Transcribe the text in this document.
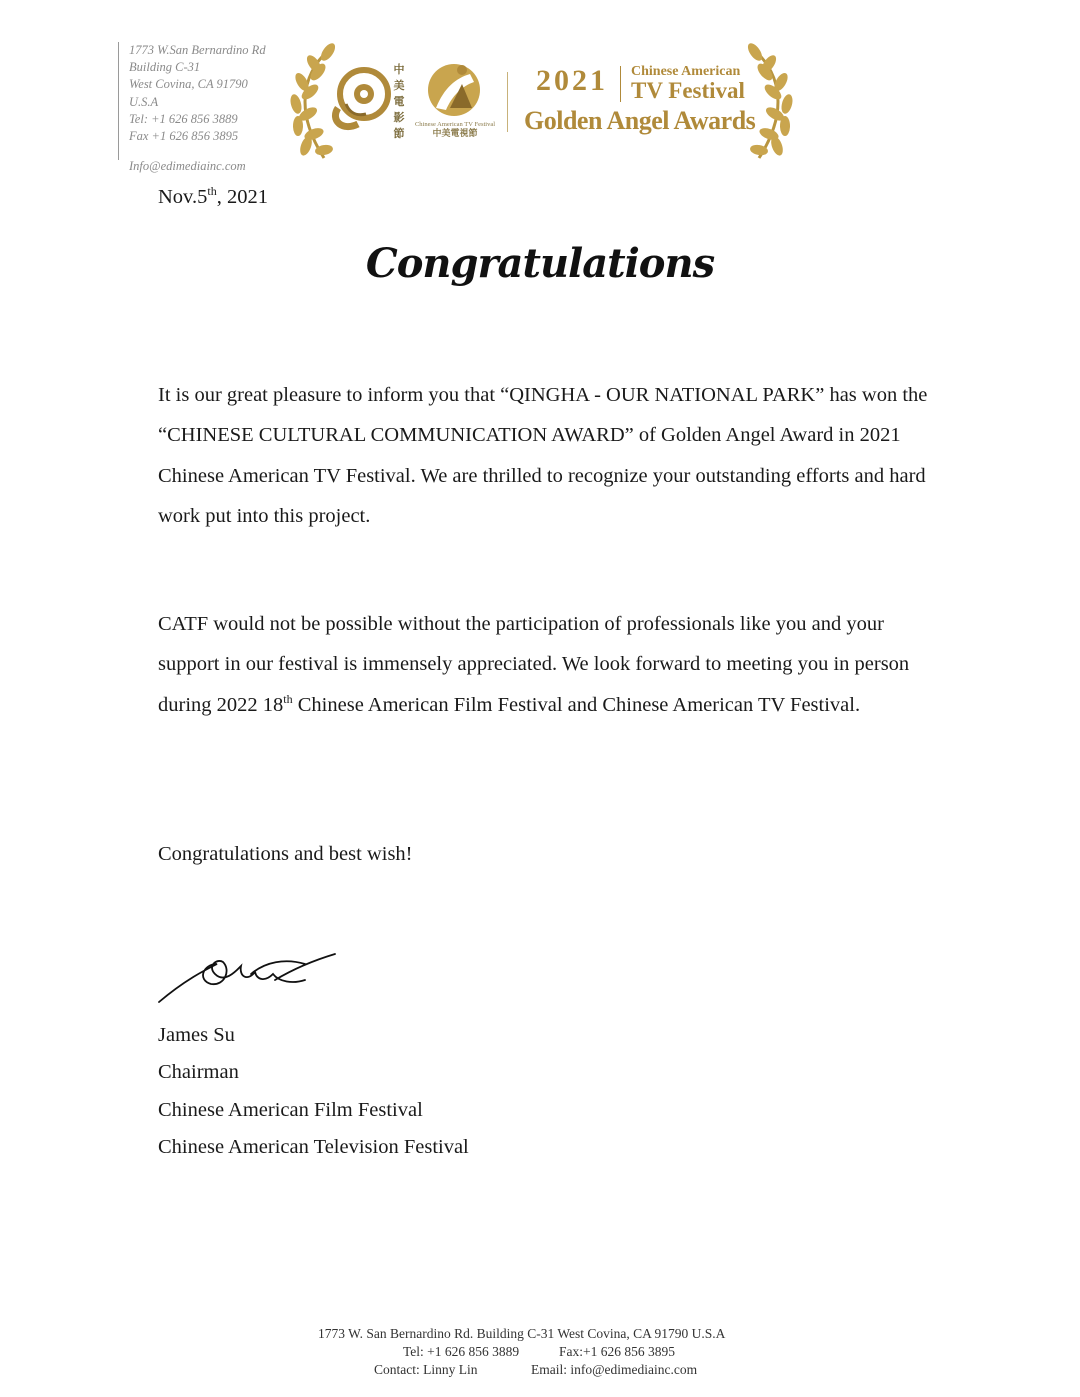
1773 W.San Bernardino Rd
Building C-31
West Covina, CA 91790 U.S.A
Tel: +1 626 856 3889
Fax +1 626 856 3895
Info@edimediainc.com
中
美
電
影
節
Chinese American TV Festival
中美電視節
2021 Chinese American
TV Festival
Golden Angel Awards
Nov.5th, 2021
Congratulations

It is our great pleasure to inform you that “QINGHA - OUR NATIONAL PARK” has won the “CHINESE CULTURAL COMMUNICATION AWARD” of Golden Angel Award in 2021 Chinese American TV Festival. We are thrilled to recognize your outstanding efforts and hard work put into this project.

CATF would not be possible without the participation of professionals like you and your support in our festival is immensely appreciated. We look forward to meeting you in person during 2022 18th Chinese American Film Festival and Chinese American TV Festival.

Congratulations and best wish!

James Su
Chairman
Chinese American Film Festival
Chinese American Television Festival
1773 W. San Bernardino Rd. Building C-31 West Covina, CA 91790 U.S.A
Tel: +1 626 856 3889	Fax:+1 626 856 3895
Contact: Linny Lin	Email: info@edimediainc.com
